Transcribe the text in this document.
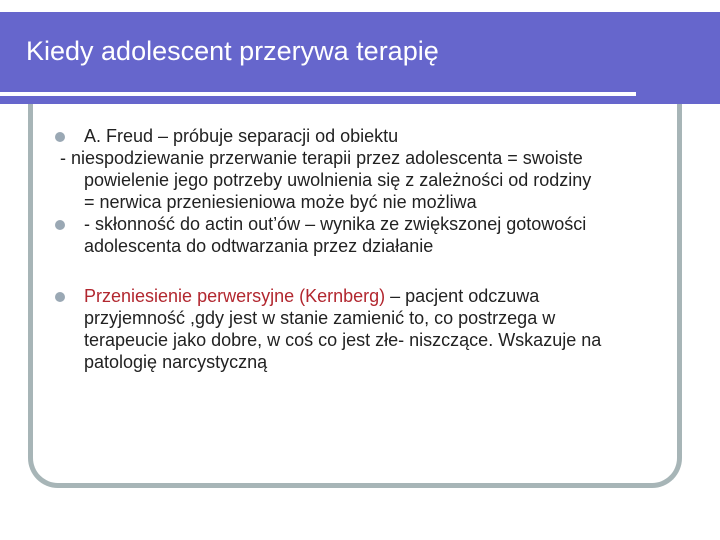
Kiedy adolescent przerywa terapię
A. Freud – próbuje separacji od obiektu
- niespodziewanie przerwanie terapii przez adolescenta = swoiste
powielenie jego potrzeby uwolnienia się z zależności od rodziny
= nerwica przeniesieniowa może być nie możliwa
- skłonność do actin out’ów – wynika ze zwiększonej gotowości
adolescenta do odtwarzania przez działanie
Przeniesienie perwersyjne (Kernberg) – pacjent odczuwa
przyjemność ,gdy jest w stanie zamienić to, co postrzega w
terapeucie jako dobre, w coś co jest złe- niszczące. Wskazuje na
patologię narcystyczną
